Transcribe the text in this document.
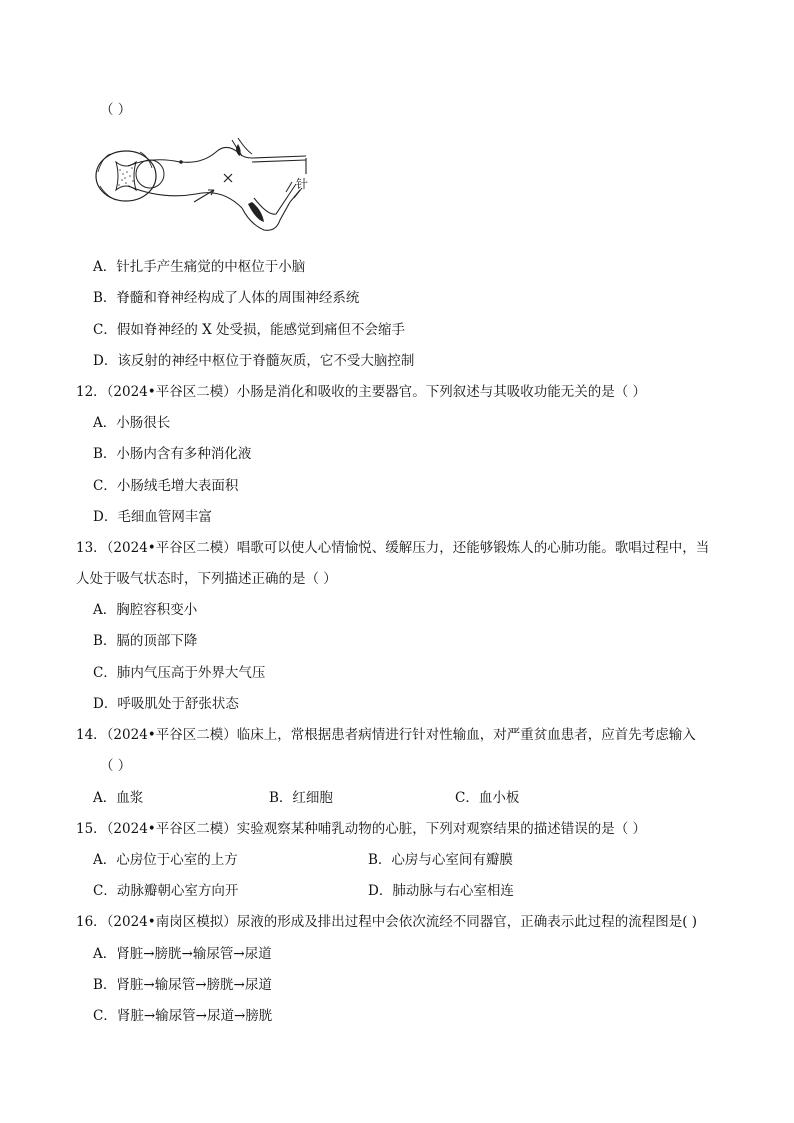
（ ）
针
A．针扎手产生痛觉的中枢位于小脑
B．脊髓和脊神经构成了人体的周围神经系统
C．假如脊神经的 X 处受损，能感觉到痛但不会缩手
D．该反射的神经中枢位于脊髓灰质，它不受大脑控制
12．（2024•平谷区二模）小肠是消化和吸收的主要器官。下列叙述与其吸收功能无关的是（ ）
A．小肠很长
B．小肠内含有多种消化液
C．小肠绒毛增大表面积
D．毛细血管网丰富
13．（2024•平谷区二模）唱歌可以使人心情愉悦、缓解压力，还能够锻炼人的心肺功能。歌唱过程中，当
人处于吸气状态时，下列描述正确的是（ ）
A．胸腔容积变小
B．膈的顶部下降
C．肺内气压高于外界大气压
D．呼吸肌处于舒张状态
14．（2024•平谷区二模）临床上，常根据患者病情进行针对性输血，对严重贫血患者，应首先考虑输入
（ ）
A．血浆	B．红细胞	C．血小板
15．（2024•平谷区二模）实验观察某种哺乳动物的心脏，下列对观察结果的描述错误的是（ ）
A．心房位于心室的上方	B．心房与心室间有瓣膜
C．动脉瓣朝心室方向开	D．肺动脉与右心室相连
16．（2024•南岗区模拟）尿液的形成及排出过程中会依次流经不同器官，正确表示此过程的流程图是( )
A．肾脏→膀胱→输尿管→尿道
B．肾脏→输尿管→膀胱→尿道
C．肾脏→输尿管→尿道→膀胱
